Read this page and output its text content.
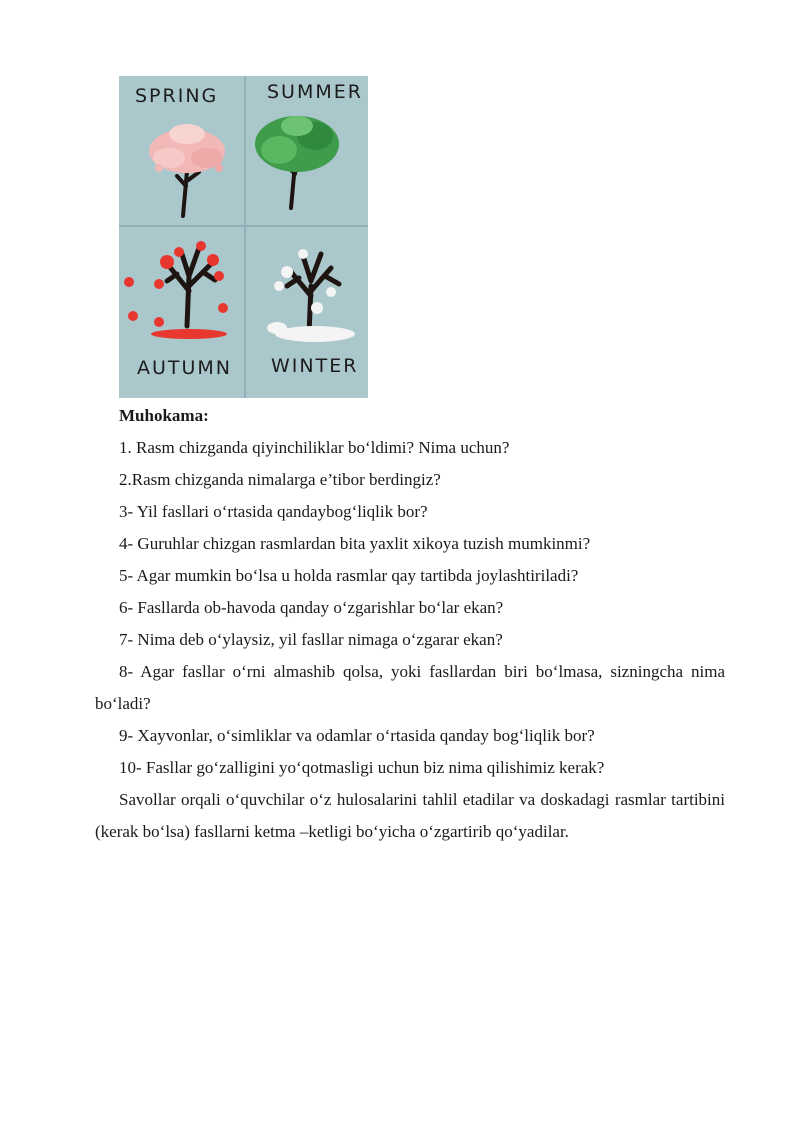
SPRING	SUMMER
AUTUMN WINTER

Muhokama:

1. Rasm chizganda qiyinchiliklar bo‘ldimi? Nima uchun?

2.Rasm chizganda nimalarga e’tibor berdingiz?

3- Yil fasllari o‘rtasida qandaybog‘liqlik bor?

4- Guruhlar chizgan rasmlardan bita yaxlit xikoya tuzish mumkinmi?

5- Agar mumkin bo‘lsa u holda rasmlar qay tartibda joylashtiriladi?

6- Fasllarda ob-havoda qanday o‘zgarishlar bo‘lar ekan?

7- Nima deb o‘ylaysiz, yil fasllar nimaga o‘zgarar ekan?

8- Agar fasllar o‘rni almashib qolsa, yoki fasllardan biri bo‘lmasa, sizningcha nima bo‘ladi?

9- Xayvonlar, o‘simliklar va odamlar o‘rtasida qanday bog‘liqlik bor?

10- Fasllar go‘zalligini yo‘qotmasligi uchun biz nima qilishimiz kerak?

Savollar orqali o‘quvchilar o‘z hulosalarini tahlil etadilar va doskadagi rasmlar tartibini (kerak bo‘lsa) fasllarni ketma –ketligi bo‘yicha o‘zgartirib qo‘yadilar.
